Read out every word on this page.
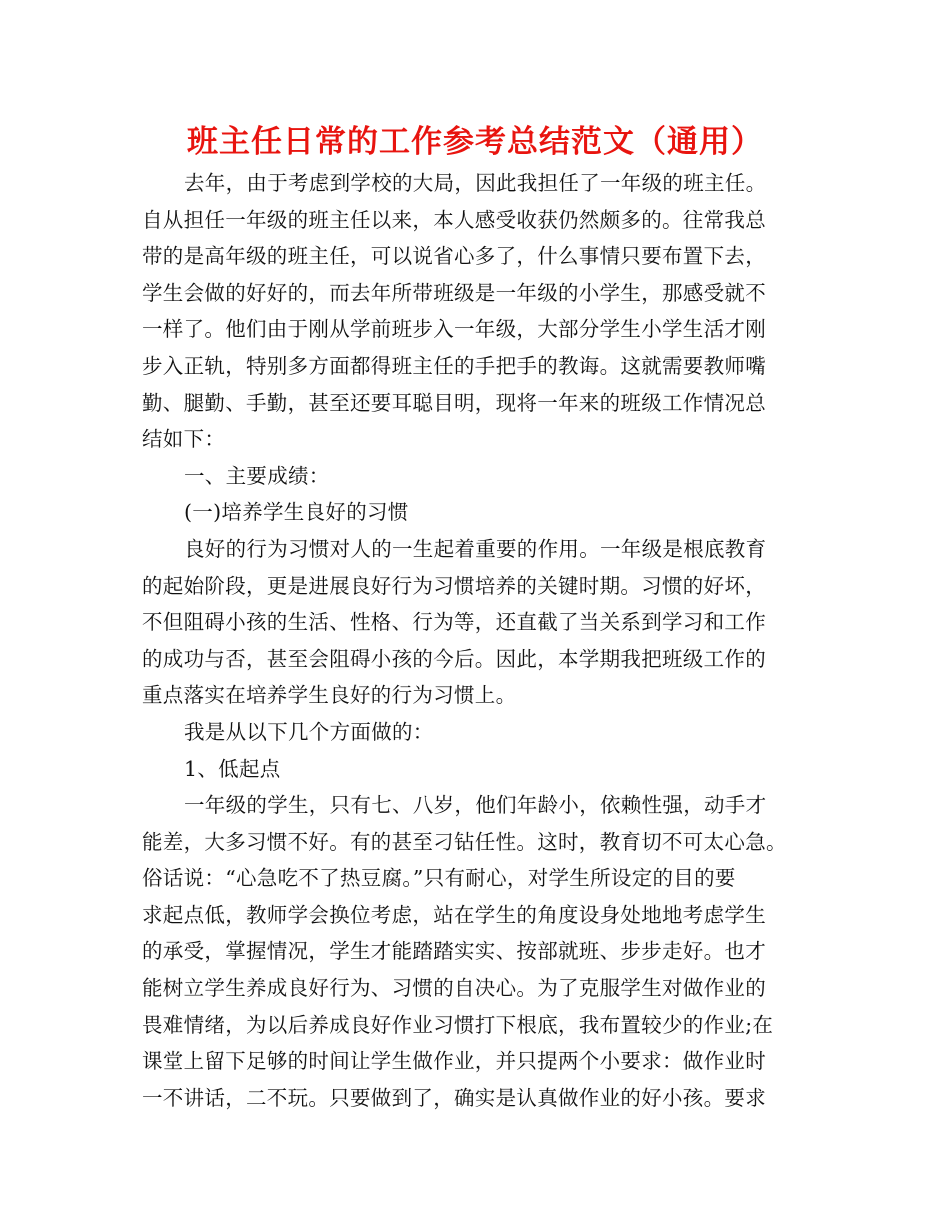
班主任日常的工作参考总结范文（通用）
去年，由于考虑到学校的大局，因此我担任了一年级的班主任。
自从担任一年级的班主任以来，本人感受收获仍然颇多的。往常我总
带的是高年级的班主任，可以说省心多了，什么事情只要布置下去，
学生会做的好好的，而去年所带班级是一年级的小学生，那感受就不
一样了。他们由于刚从学前班步入一年级，大部分学生小学生活才刚
步入正轨，特别多方面都得班主任的手把手的教诲。这就需要教师嘴
勤、腿勤、手勤，甚至还要耳聪目明，现将一年来的班级工作情况总
结如下：
一、主要成绩：
(一)培养学生良好的习惯
良好的行为习惯对人的一生起着重要的作用。一年级是根底教育
的起始阶段，更是进展良好行为习惯培养的关键时期。习惯的好坏，
不但阻碍小孩的生活、性格、行为等，还直截了当关系到学习和工作
的成功与否，甚至会阻碍小孩的今后。因此，本学期我把班级工作的
重点落实在培养学生良好的行为习惯上。
我是从以下几个方面做的：
1、低起点
一年级的学生，只有七、八岁，他们年龄小，依赖性强，动手才
能差，大多习惯不好。有的甚至刁钻任性。这时，教育切不可太心急。
俗话说：“心急吃不了热豆腐。”只有耐心，对学生所设定的目的要
求起点低，教师学会换位考虑，站在学生的角度设身处地地考虑学生
的承受，掌握情况，学生才能踏踏实实、按部就班、步步走好。也才
能树立学生养成良好行为、习惯的自决心。为了克服学生对做作业的
畏难情绪，为以后养成良好作业习惯打下根底，我布置较少的作业;在
课堂上留下足够的时间让学生做作业，并只提两个小要求：做作业时
一不讲话，二不玩。只要做到了，确实是认真做作业的好小孩。要求
